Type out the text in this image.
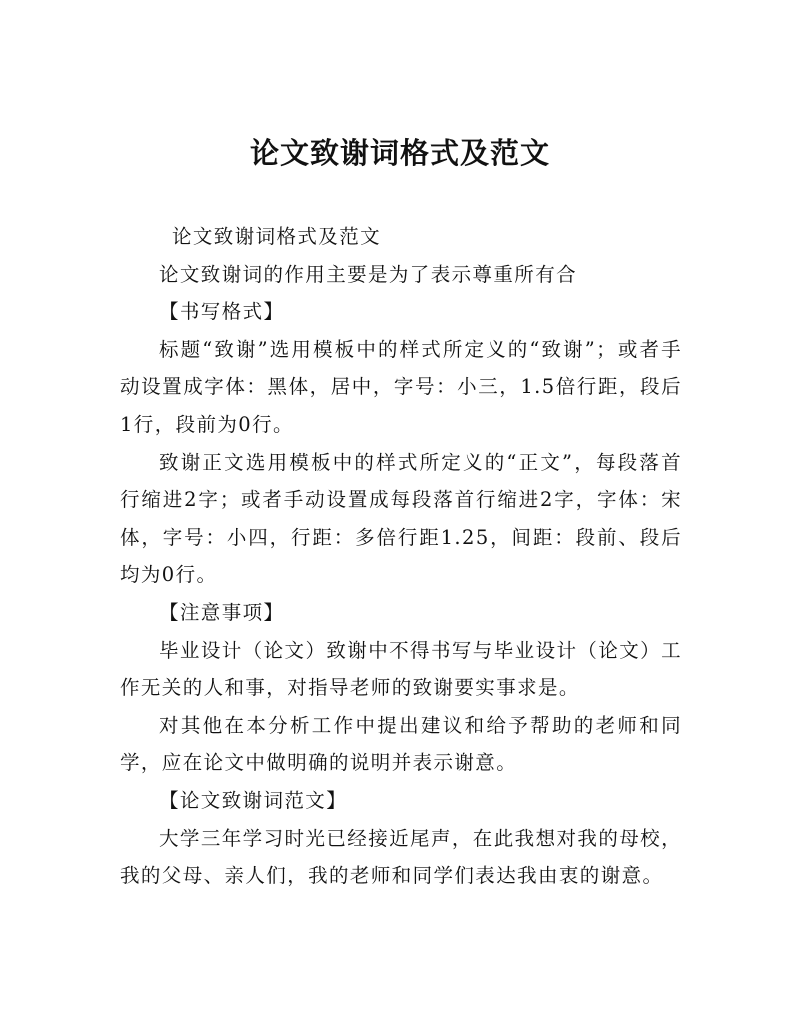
论文致谢词格式及范文

论文致谢词格式及范文

论文致谢词的作用主要是为了表示尊重所有合

【书写格式】

标题“致谢”选用模板中的样式所定义的“致谢”；或者手动设置成字体：黑体，居中，字号：小三，1.5倍行距，段后1行，段前为0行。

致谢正文选用模板中的样式所定义的“正文”，每段落首行缩进2字；或者手动设置成每段落首行缩进2字，字体：宋体，字号：小四，行距：多倍行距1.25，间距：段前、段后均为0行。

【注意事项】

毕业设计（论文）致谢中不得书写与毕业设计（论文）工作无关的人和事，对指导老师的致谢要实事求是。

对其他在本分析工作中提出建议和给予帮助的老师和同学，应在论文中做明确的说明并表示谢意。

【论文致谢词范文】

大学三年学习时光已经接近尾声，在此我想对我的母校，我的父母、亲人们，我的老师和同学们表达我由衷的谢意。
